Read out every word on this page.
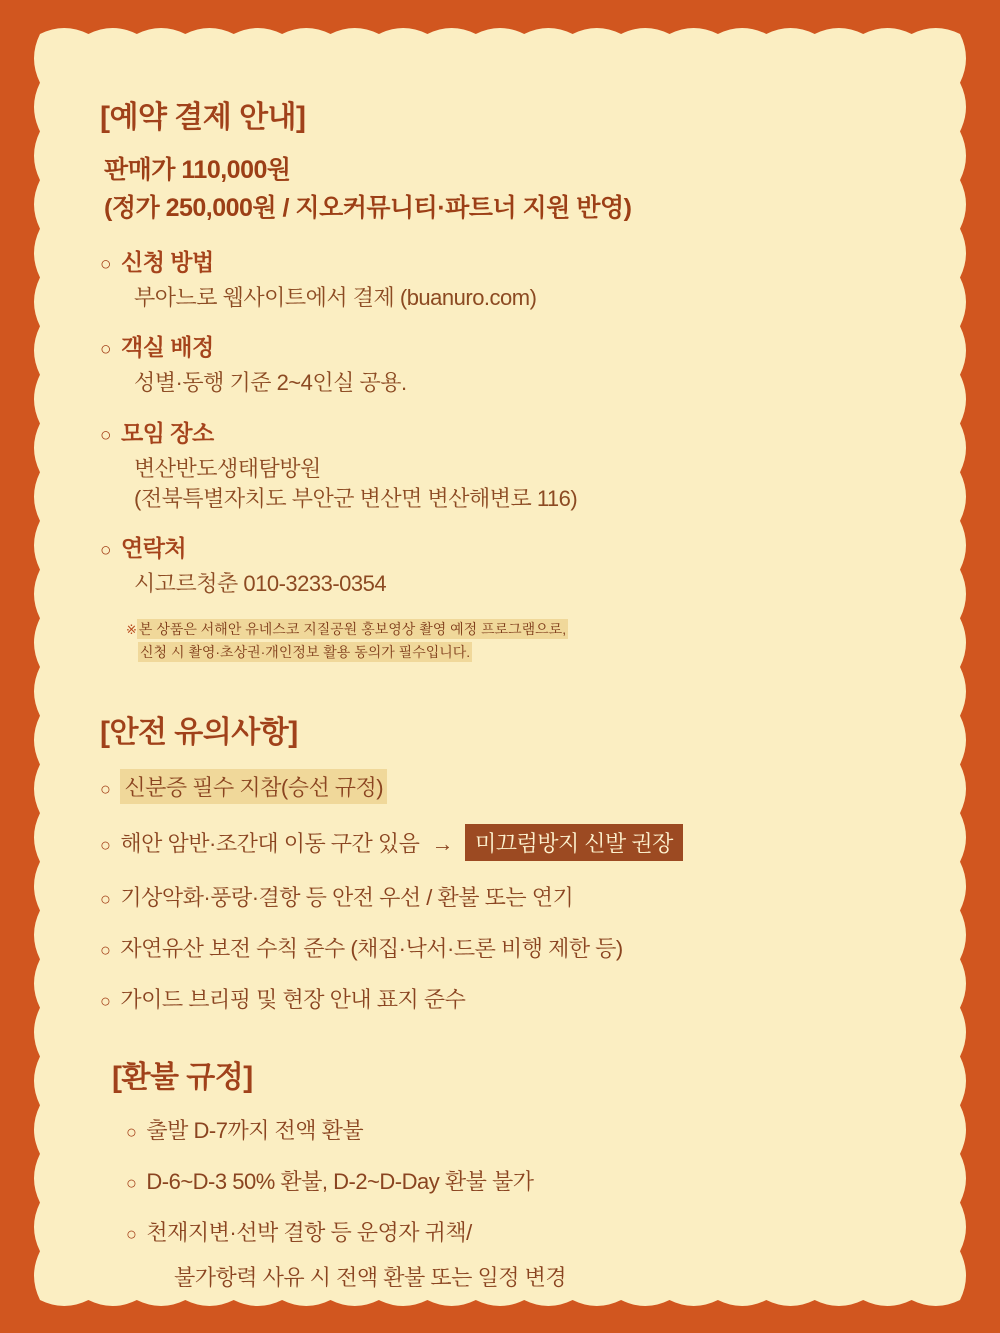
[예약 결제 안내]
판매가 110,000원
(정가 250,000원 / 지오커뮤니티·파트너 지원 반영)
○ 신청 방법
부아느로 웹사이트에서 결제 (buanuro.com)
○ 객실 배정
성별·동행 기준 2~4인실 공용.
○ 모임 장소
변산반도생태탐방원
(전북특별자치도 부안군 변산면 변산해변로 116)
○ 연락처
시고르청춘 010-3233-0354
※ 본 상품은 서해안 유네스코 지질공원 홍보영상 촬영 예정 프로그램으로,
신청 시 촬영·초상권·개인정보 활용 동의가 필수입니다.
[안전 유의사항]
○ 신분증 필수 지참(승선 규정)
○ 해안 암반·조간대 이동 구간 있음 →	미끄럼방지 신발 권장
○ 기상악화·풍랑·결항 등 안전 우선 / 환불 또는 연기
○ 자연유산 보전 수칙 준수 (채집·낙서·드론 비행 제한 등)
○ 가이드 브리핑 및 현장 안내 표지 준수
[환불 규정]
○ 출발 D-7까지 전액 환불
○ D-6~D-3 50% 환불, D-2~D-Day 환불 불가
○ 천재지변·선박 결항 등 운영자 귀책/
불가항력 사유 시 전액 환불 또는 일정 변경
